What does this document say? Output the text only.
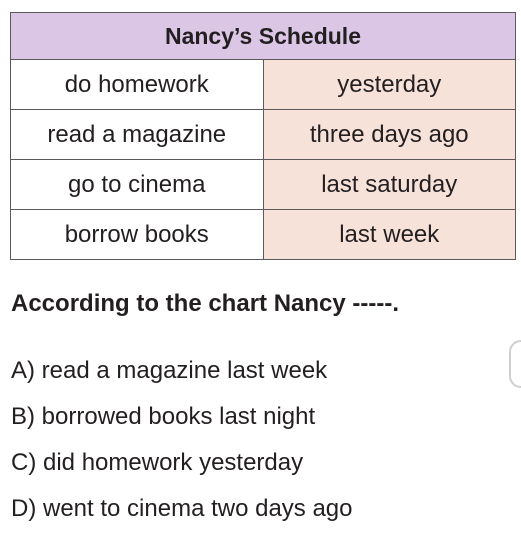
Nancy’s Schedule	
do homework	yesterday
read a magazine	three days ago
go to cinema	last saturday
borrow books	last week
According to the chart Nancy -----.
A) read a magazine last week
B) borrowed books last night
C) did homework yesterday
D) went to cinema two days ago
